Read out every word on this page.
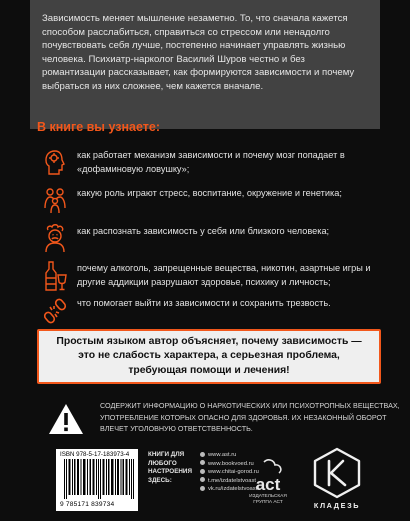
Зависимость меняет мышление незаметно. То, что сначала кажется способом расслабиться, справиться со стрессом или ненадолго почувствовать себя лучше, постепенно начинает управлять жизнью человека. Психиатр-нарколог Василий Шуров честно и без романтизации рассказывает, как формируются зависимости и почему выбраться из них сложнее, чем кажется вначале.

В книге вы узнаете:

как работает механизм зависимости и почему мозг попадает в «дофаминовую ловушку»;

какую роль играют стресс, воспитание, окружение и генетика;

как распознать зависимость у себя или близкого человека;

почему алкоголь, запрещенные вещества, никотин, азартные игры и другие аддикции разрушают здоровье, психику и личность;

что помогает выйти из зависимости и сохранить трезвость.

Простым языком автор объясняет, почему зависимость —
это не слабость характера, а серьезная проблема,
требующая помощи и лечения!

СОДЕРЖИТ ИНФОРМАЦИЮ О НАРКОТИЧЕСКИХ ИЛИ ПСИХОТРОПНЫХ ВЕЩЕСТВАХ, УПОТРЕБЛЕНИЕ КОТОРЫХ ОПАСНО ДЛЯ ЗДОРОВЬЯ. ИХ НЕЗАКОННЫЙ ОБОРОТ ВЛЕЧЕТ УГОЛОВНУЮ ОТВЕТСТВЕННОСТЬ.

ISBN 978-5-17-183973-4

9 785171 839734

КНИГИ ДЛЯ ЛЮБОГО НАСТРОЕНИЯ ЗДЕСЬ:

www.ast.ru
www.bookvoed.ru
www.chitai-gorod.ru
t.me/izdatelstvoast
vk.ru/izdatelstvoast
act

ИЗДАТЕЛЬСКАЯ
ГРУППА АСТ	КЛАДЕЗЬ
